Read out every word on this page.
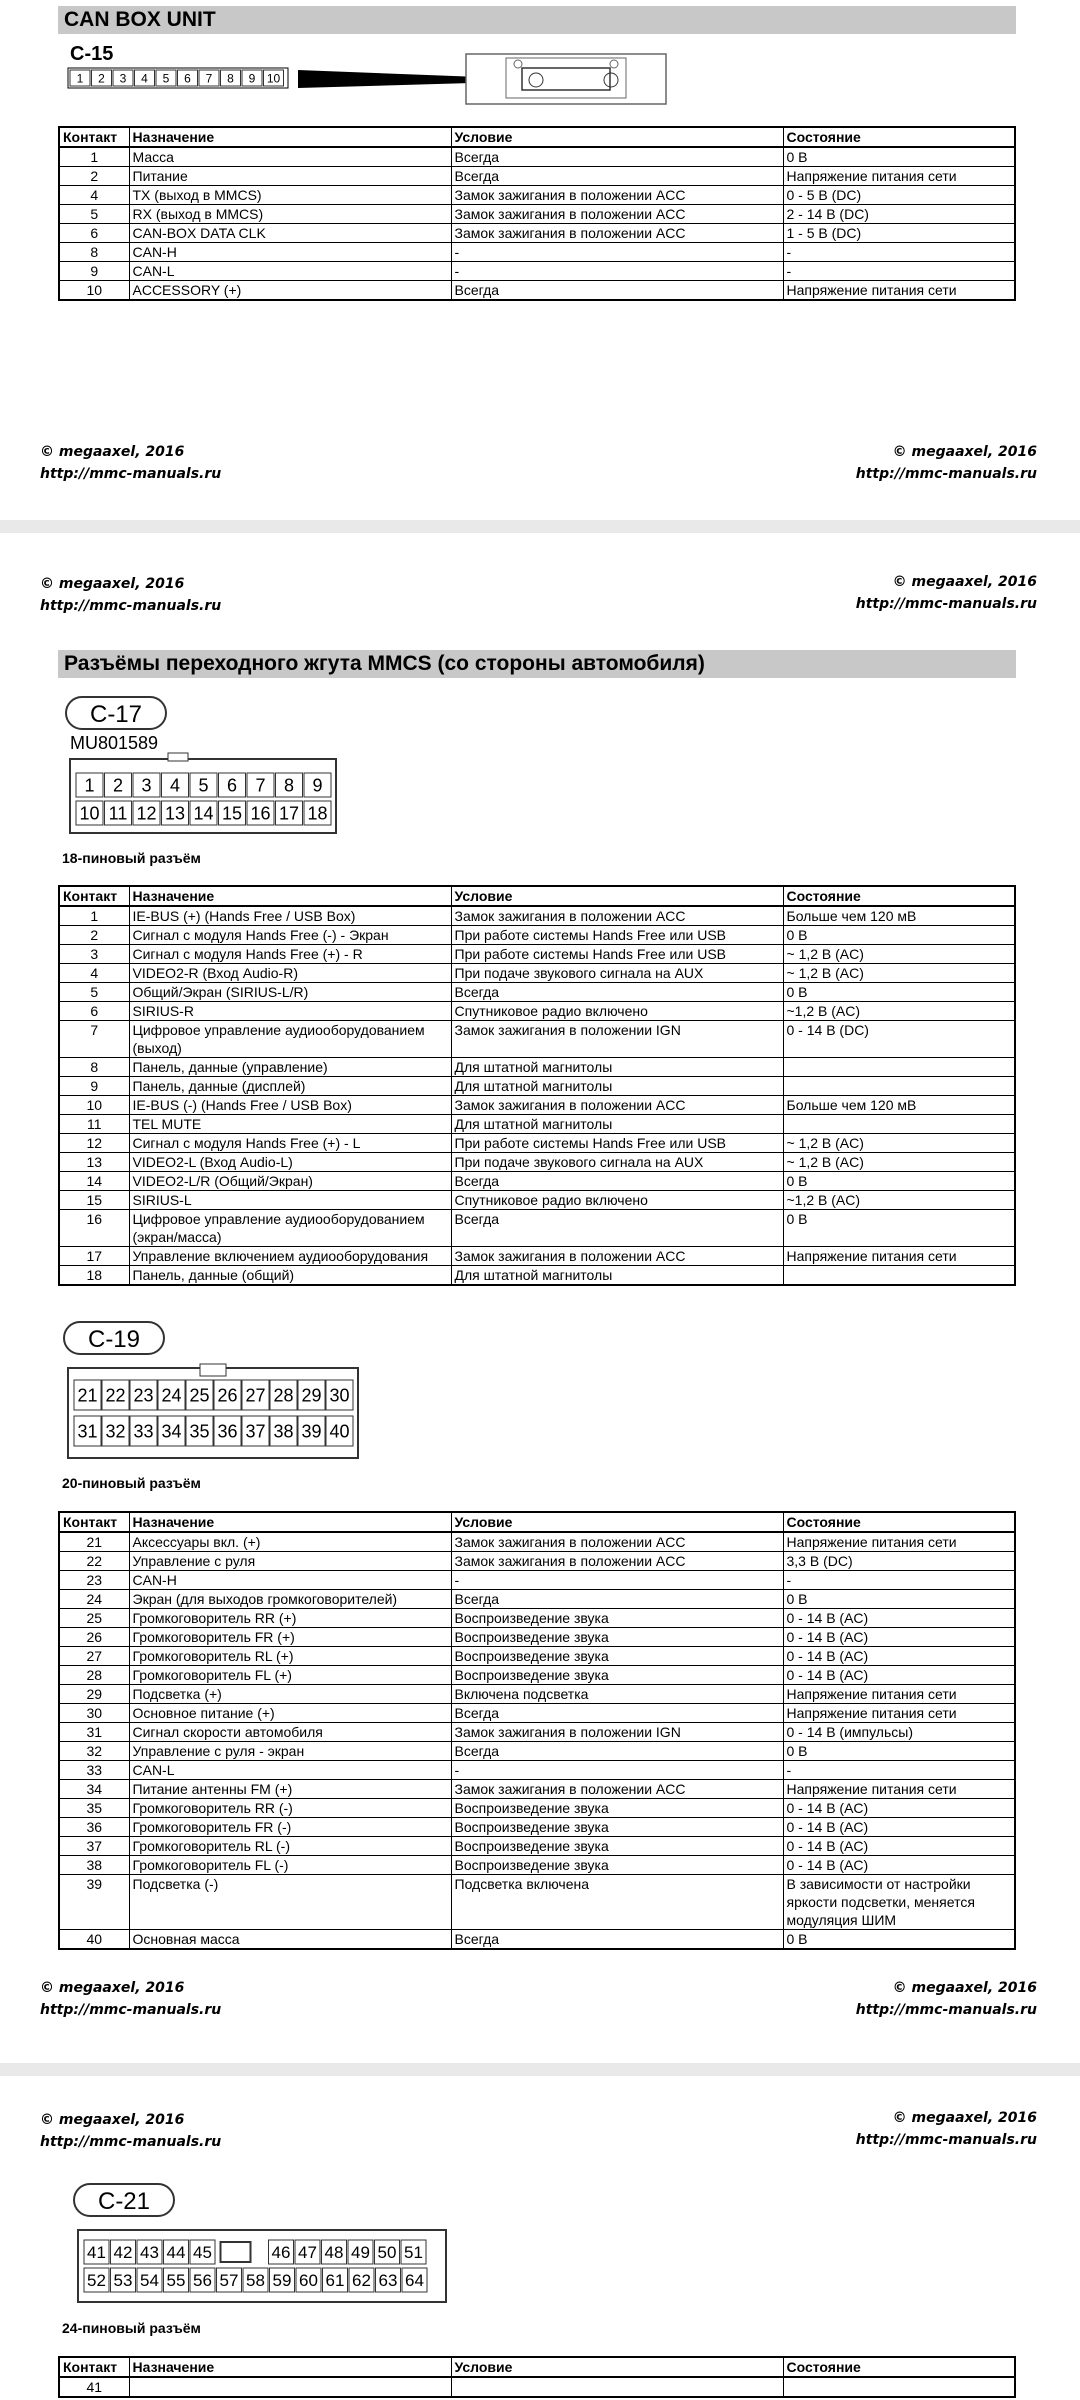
CAN BOX UNIT
C-15
1 2 3 4 5 6 7 8 9 10
Контакт	Назначение	Условие	Состояние
1	Масса	Всегда	0 В
2	Питание	Всегда	Напряжение питания сети
4	TX (выход в MMCS)	Замок зажигания в положении ACC	0 - 5 В (DC)
5	RX (выход в MMCS)	Замок зажигания в положении ACC	2 - 14 В (DC)
6	CAN-BOX DATA CLK	Замок зажигания в положении ACC	1 - 5 В (DC)
8	CAN-H	-	-
9	CAN-L	-	-
10	ACCESSORY (+)	Всегда	Напряжение питания сети
© megaaxel, 2016
http://mmc-manuals.ru
© megaaxel, 2016
http://mmc-manuals.ru
© megaaxel, 2016
http://mmc-manuals.ru
© megaaxel, 2016
http://mmc-manuals.ru
Разъёмы переходного жгута MMCS (со стороны автомобиля)
C-17
MU801589
1 2 3 4 5 6 7 8 9
10 11 12 13 14 15 16 17 18
18-пиновый разъём
Контакт	Назначение	Условие	Состояние
1	IE-BUS (+) (Hands Free / USB Box)	Замок зажигания в положении ACC	Больше чем 120 мВ
2	Сигнал с модуля Hands Free (-) - Экран	При работе системы Hands Free или USB	0 В
3	Сигнал с модуля Hands Free (+) - R	При работе системы Hands Free или USB	~ 1,2 В (AC)
4	VIDEO2-R (Вход Audio-R)	При подаче звукового сигнала на AUX	~ 1,2 В (AC)
5	Общий/Экран (SIRIUS-L/R)	Всегда	0 В
6	SIRIUS-R	Спутниковое радио включено	~1,2 В (AC)
7	Цифровое управление аудиооборудованием (выход)	Замок зажигания в положении IGN	0 - 14 В (DC)
8	Панель, данные (управление)	Для штатной магнитолы	
9	Панель, данные (дисплей)	Для штатной магнитолы	
10	IE-BUS (-) (Hands Free / USB Box)	Замок зажигания в положении ACC	Больше чем 120 мВ
11	TEL MUTE	Для штатной магнитолы	
12	Сигнал с модуля Hands Free (+) - L	При работе системы Hands Free или USB	~ 1,2 В (AC)
13	VIDEO2-L (Вход Audio-L)	При подаче звукового сигнала на AUX	~ 1,2 В (AC)
14	VIDEO2-L/R (Общий/Экран)	Всегда	0 В
15	SIRIUS-L	Спутниковое радио включено	~1,2 В (AC)
16	Цифровое управление аудиооборудованием (экран/масса)	Всегда	0 В
17	Управление включением аудиооборудования	Замок зажигания в положении ACC	Напряжение питания сети
18	Панель, данные (общий)	Для штатной магнитолы	
C-19
21 22 23 24 25 26 27 28 29 30
31 32 33 34 35 36 37 38 39 40
20-пиновый разъём
Контакт	Назначение	Условие	Состояние
21	Аксессуары вкл. (+)	Замок зажигания в положении ACC	Напряжение питания сети
22	Управление с руля	Замок зажигания в положении ACC	3,3 В (DC)
23	CAN-H	-	-
24	Экран (для выходов громкоговорителей)	Всегда	0 В
25	Громкоговоритель RR (+)	Воспроизведение звука	0 - 14 В (AC)
26	Громкоговоритель FR (+)	Воспроизведение звука	0 - 14 В (AC)
27	Громкоговоритель RL (+)	Воспроизведение звука	0 - 14 В (AC)
28	Громкоговоритель FL (+)	Воспроизведение звука	0 - 14 В (AC)
29	Подсветка (+)	Включена подсветка	Напряжение питания сети
30	Основное питание (+)	Всегда	Напряжение питания сети
31	Сигнал скорости автомобиля	Замок зажигания в положении IGN	0 - 14 В (импульсы)
32	Управление с руля - экран	Всегда	0 В
33	CAN-L	-	-
34	Питание антенны FM (+)	Замок зажигания в положении ACC	Напряжение питания сети
35	Громкоговоритель RR (-)	Воспроизведение звука	0 - 14 В (AC)
36	Громкоговоритель FR (-)	Воспроизведение звука	0 - 14 В (AC)
37	Громкоговоритель RL (-)	Воспроизведение звука	0 - 14 В (AC)
38	Громкоговоритель FL (-)	Воспроизведение звука	0 - 14 В (AC)
39	Подсветка (-)	Подсветка включена	В зависимости от настройки яркости подсветки, меняется модуляция ШИМ
40	Основная масса	Всегда	0 В
© megaaxel, 2016
http://mmc-manuals.ru
© megaaxel, 2016
http://mmc-manuals.ru
© megaaxel, 2016
http://mmc-manuals.ru
© megaaxel, 2016
http://mmc-manuals.ru
C-21
41 42 43 44 45	46 47 48 49 50 51
52 53 54 55 56 57 58 59 60 61 62 63 64
24-пиновый разъём
Контакт	Назначение	Условие	Состояние
41			
